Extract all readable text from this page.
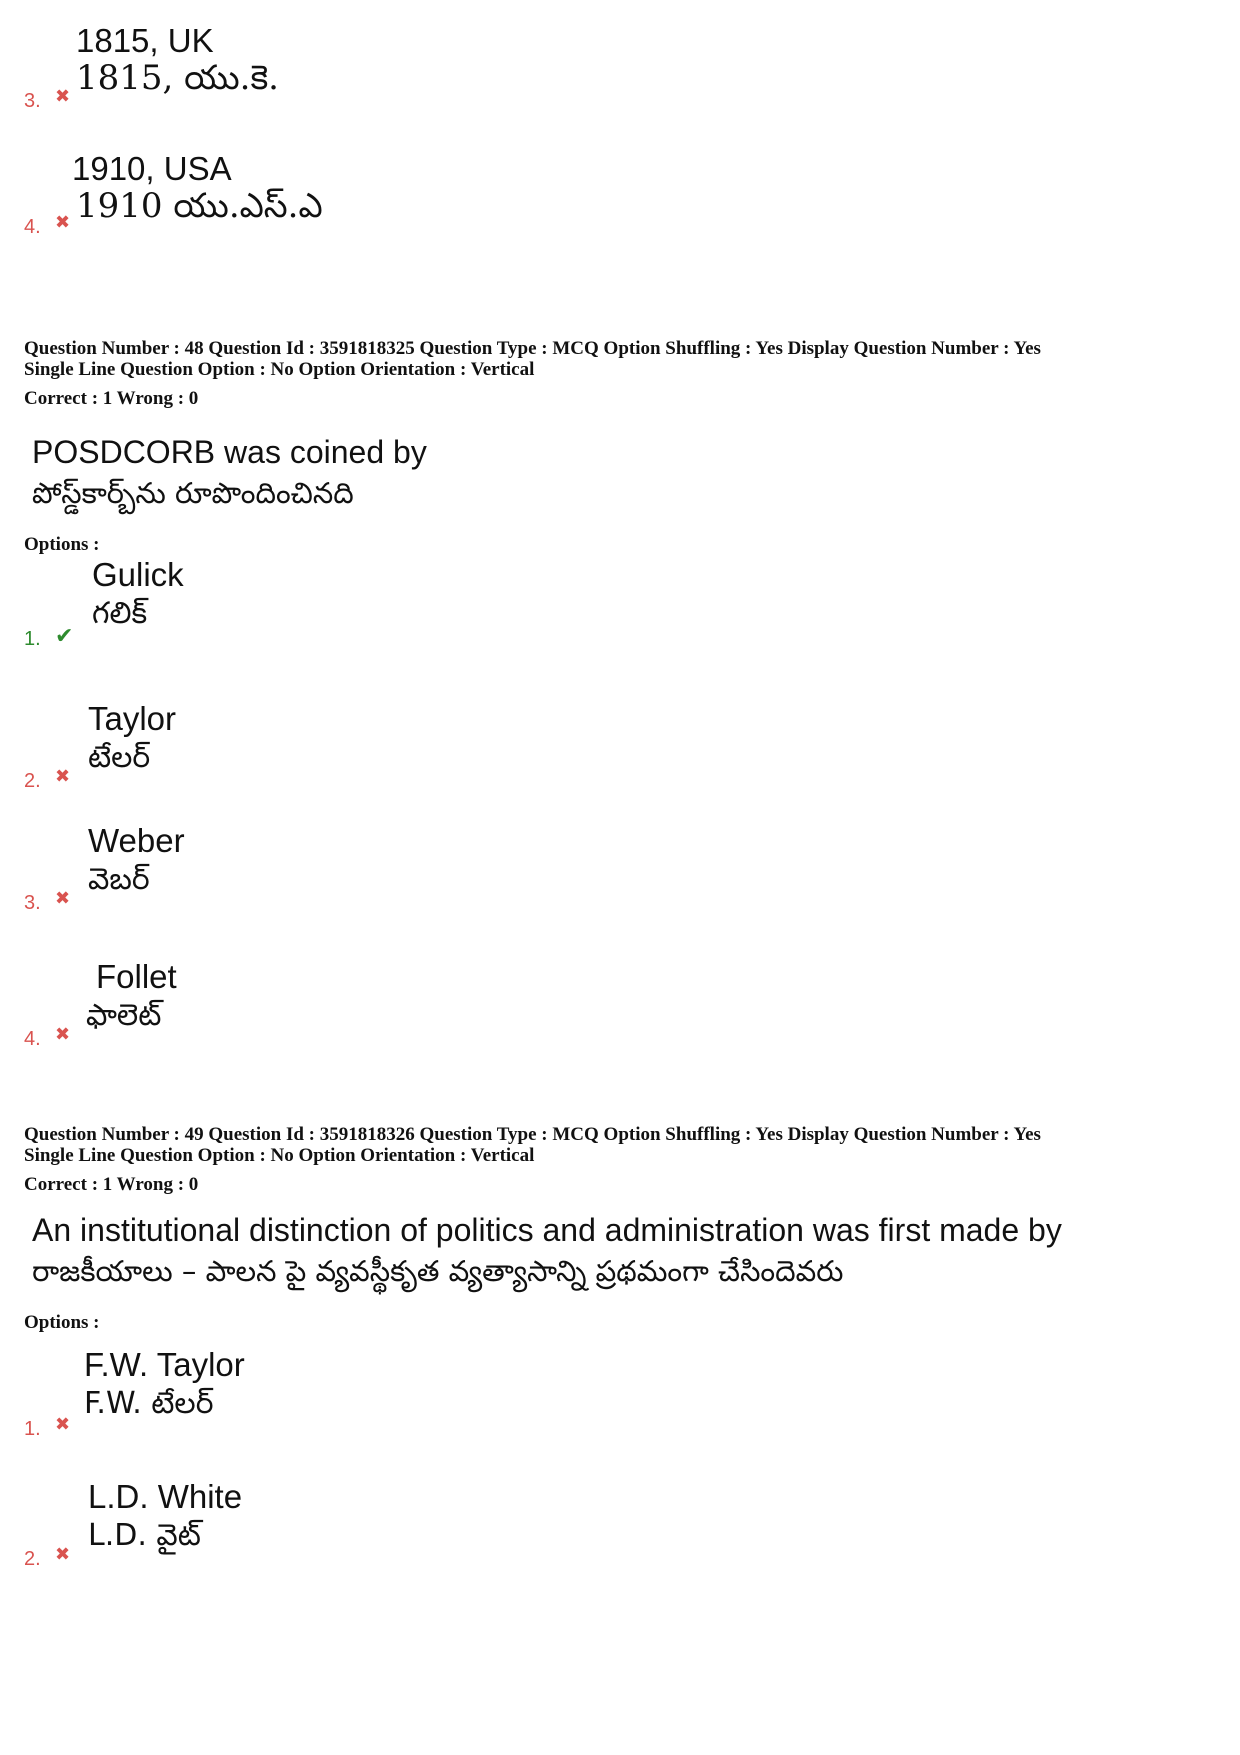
1815, UK
1815, యు.కె.
3. ✖
1910, USA
1910 యు.ఎస్.ఎ
4. ✖
Question Number : 48 Question Id : 3591818325 Question Type : MCQ Option Shuffling : Yes Display Question Number : Yes
Single Line Question Option : No Option Orientation : Vertical
Correct : 1 Wrong : 0
POSDCORB was coined by
పోస్డ్‌కార్బ్‌ను రూపొందించినది
Options :
Gulick
గలిక్
1. ✔
Taylor
టేలర్
2. ✖
Weber
వెబర్
3. ✖
Follet
ఫాలెట్
4. ✖
Question Number : 49 Question Id : 3591818326 Question Type : MCQ Option Shuffling : Yes Display Question Number : Yes
Single Line Question Option : No Option Orientation : Vertical
Correct : 1 Wrong : 0
An institutional distinction of politics and administration was first made by
రాజకీయాలు – పాలన పై వ్యవస్థీకృత వ్యత్యాసాన్ని ప్రథమంగా చేసిందెవరు
Options :
F.W. Taylor
F.W. టేలర్
1. ✖
L.D. White
L.D. వైట్
2. ✖
